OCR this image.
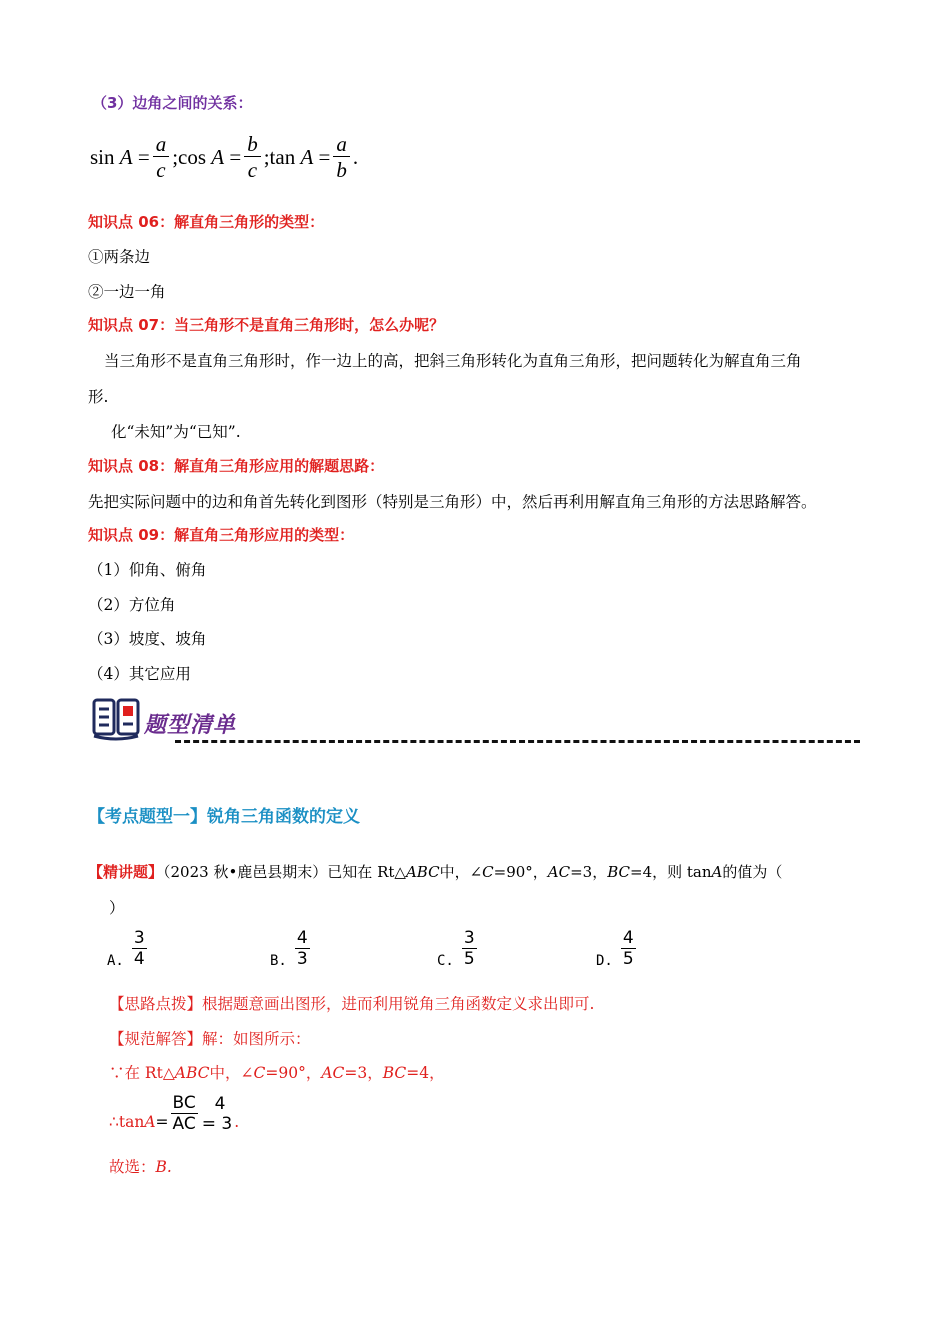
（3）边角之间的关系：
sin
A
= $\frac{a}{c}$ ; cos
A
= $\frac{b}{c}$ ; tan
A
= $\frac{a}{b}$ .
知识点 06：解直角三角形的类型：
①两条边
②一边一角
知识点 07：当三角形不是直角三角形时，怎么办呢？
当三角形不是直角三角形时，作一边上的高，把斜三角形转化为直角三角形，把问题转化为解直角三角
形.
化“未知”为“已知”.
知识点 08：解直角三角形应用的解题思路：
先把实际问题中的边和角首先转化到图形（特别是三角形）中，然后再利用解直角三角形的方法思路解答。
知识点 09：解直角三角形应用的类型：
（1）仰角、俯角
（2）方位角
（3）坡度、坡角
（4）其它应用
题型清单
【考点题型一】锐角三角函数的定义
【精讲题】（2023 秋•鹿邑县期末）已知在 Rt△ABC中，∠C=90°，AC=3，BC=4，则 tanA的值为（
）
A. $\frac{3}{4}$	B. $\frac{4}{3}$	C. $\frac{3}{5}$	D. $\frac{4}{5}$
【思路点拨】根据题意画出图形，进而利用锐角三角函数定义求出即可.
【规范解答】解：如图所示：
∵在 Rt△ABC中，∠C=90°，AC=3，BC=4，
∴tan $A = \frac{BC}{AC} 4$
= 3 .
故选：B.
